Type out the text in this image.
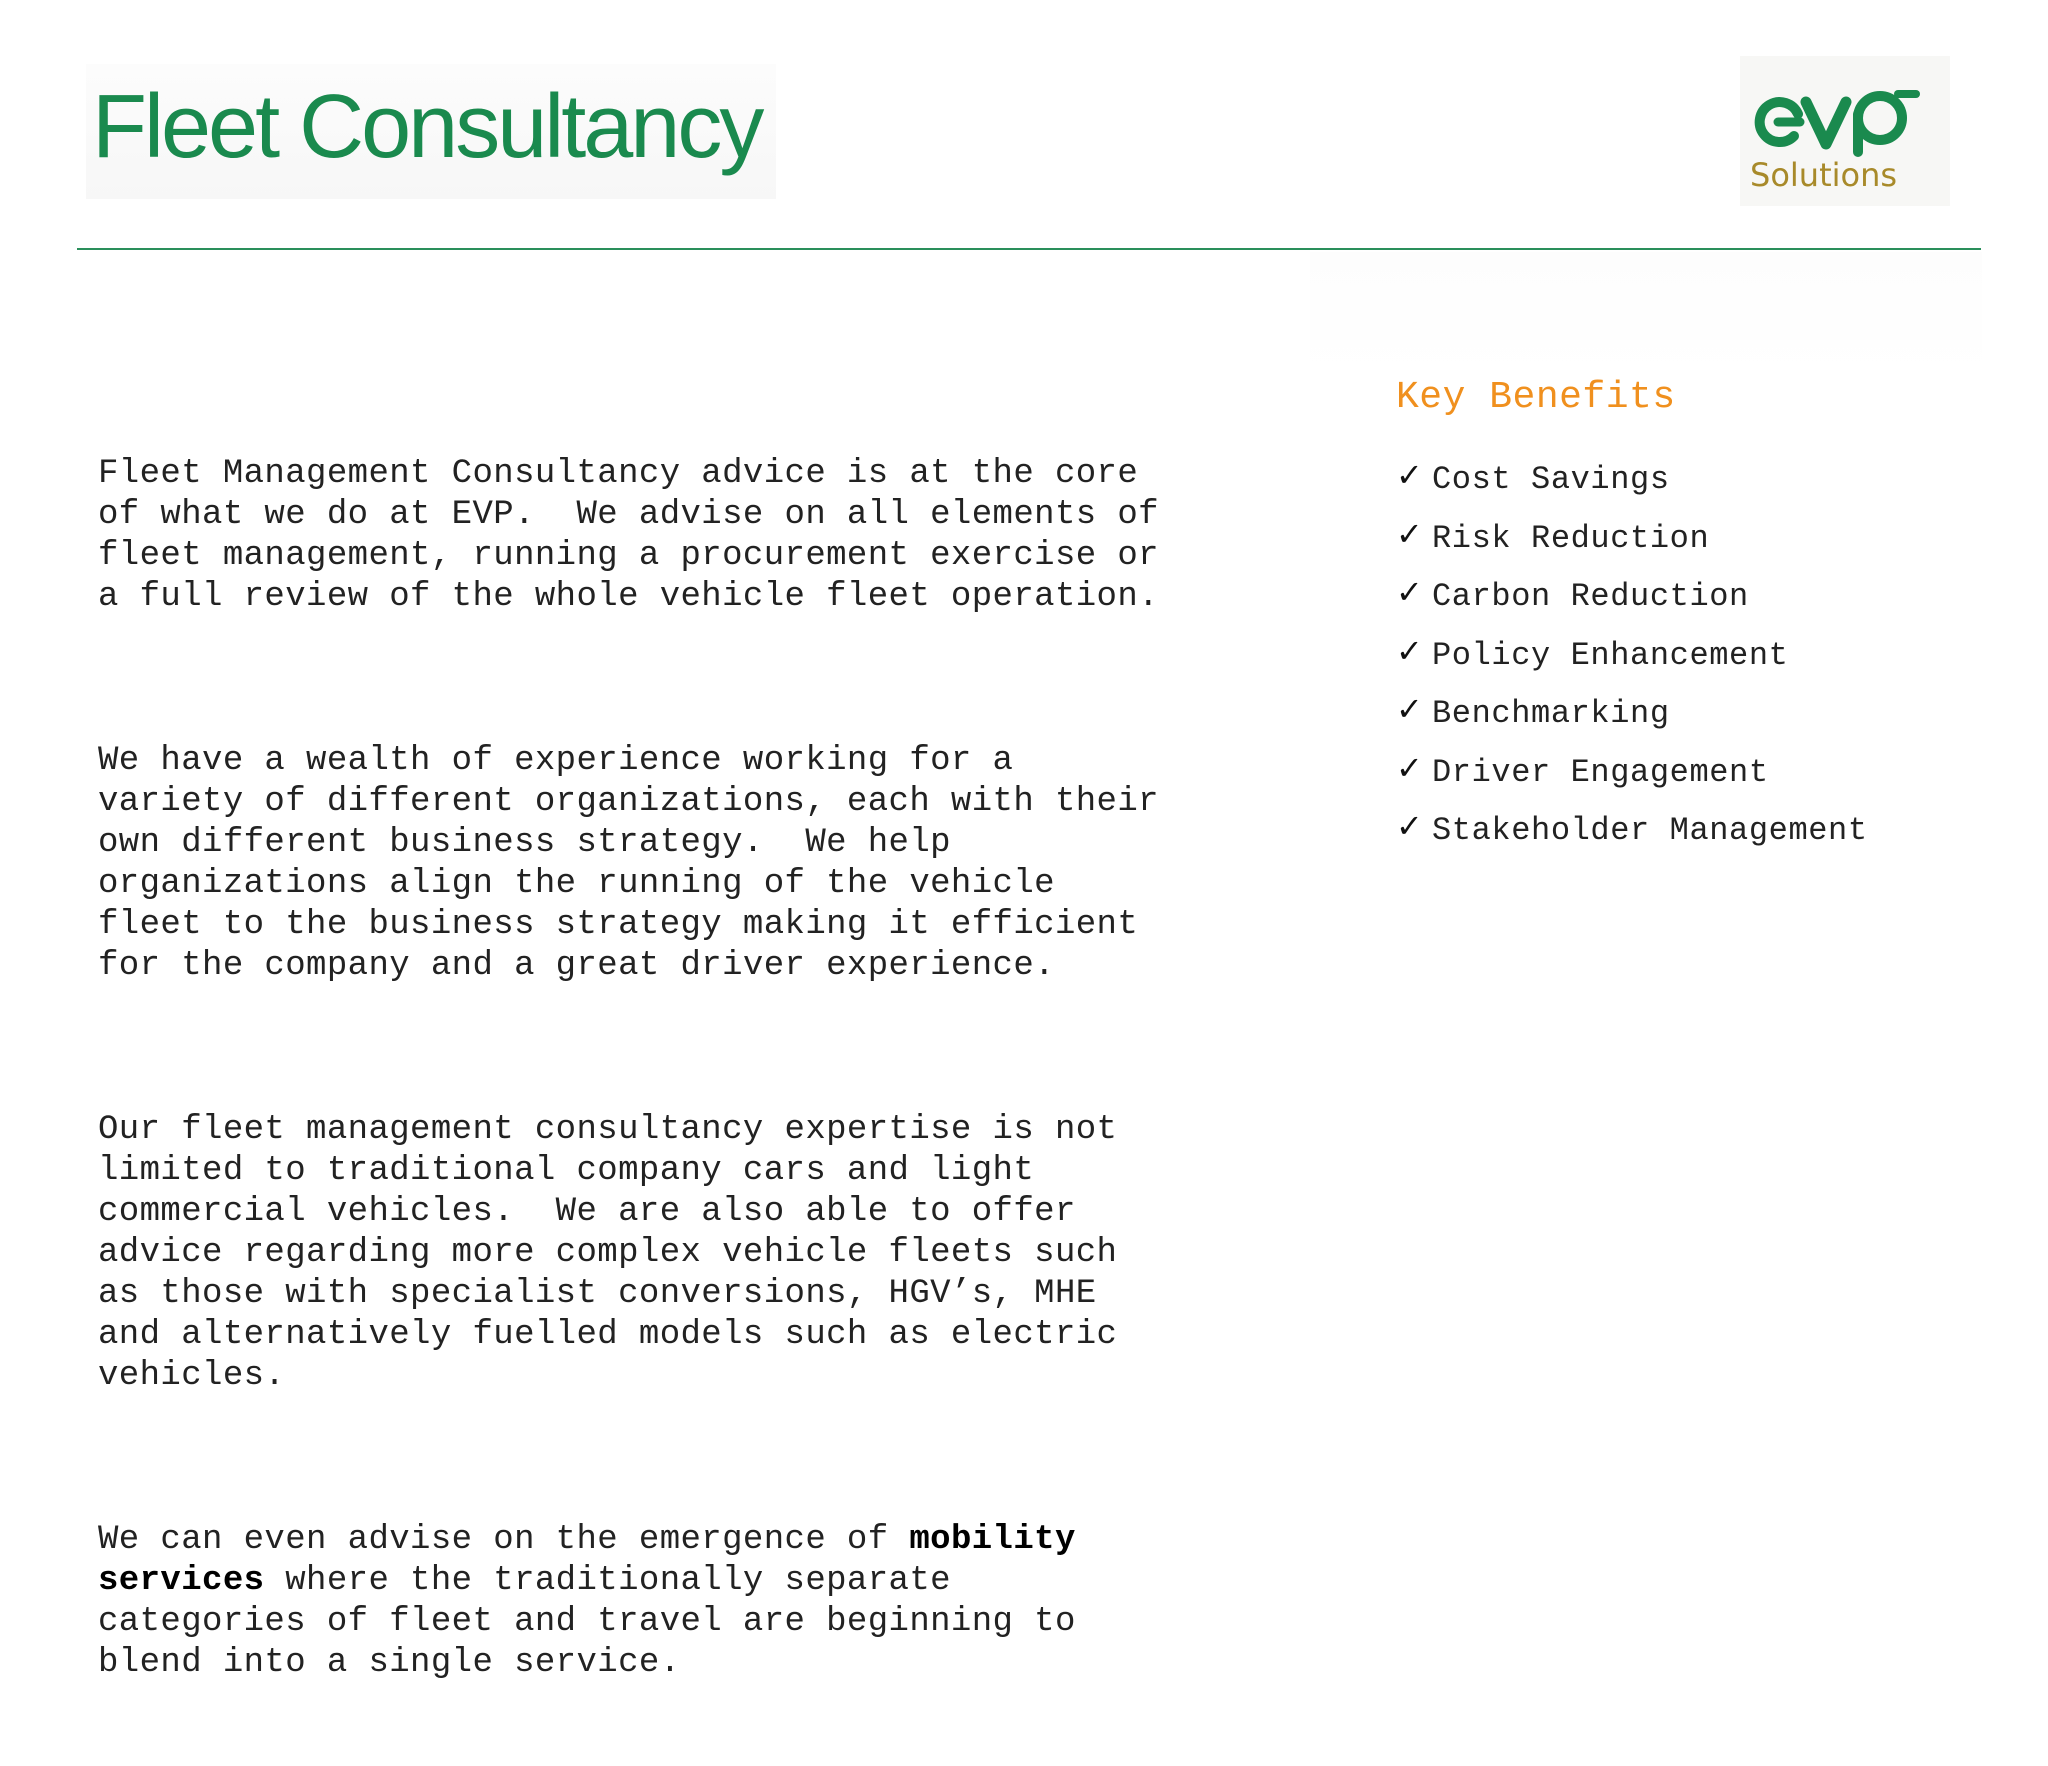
Fleet Consultancy	Solutions

Fleet Management Consultancy advice is at the core
of what we do at EVP.  We advise on all elements of
fleet management, running a procurement exercise or
a full review of the whole vehicle fleet operation.

We have a wealth of experience working for a
variety of different organizations, each with their
own different business strategy.  We help
organizations align the running of the vehicle
fleet to the business strategy making it efficient
for the company and a great driver experience.

Our fleet management consultancy expertise is not
limited to traditional company cars and light
commercial vehicles.  We are also able to offer
advice regarding more complex vehicle fleets such
as those with specialist conversions, HGV’s, MHE
and alternatively fuelled models such as electric
vehicles.

We can even advise on the emergence of mobility
services where the traditionally separate
categories of fleet and travel are beginning to
blend into a single service.

Key Benefits
✓ Cost Savings
✓ Risk Reduction
✓ Carbon Reduction
✓ Policy Enhancement
✓ Benchmarking
✓ Driver Engagement
✓ Stakeholder Management
